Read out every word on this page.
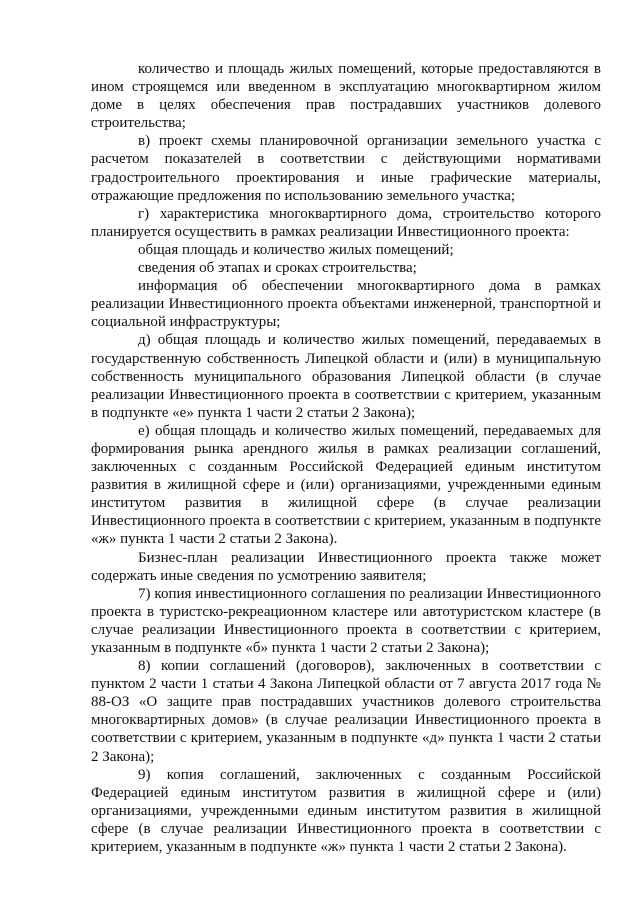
количество и площадь жилых помещений, которые предоставляются в ином строящемся или введенном в эксплуатацию многоквартирном жилом доме в целях обеспечения прав пострадавших участников долевого строительства;

в) проект схемы планировочной организации земельного участка с расчетом показателей в соответствии с действующими нормативами градостроительного проектирования и иные графические материалы, отражающие предложения по использованию земельного участка;

г) характеристика многоквартирного дома, строительство которого планируется осуществить в рамках реализации Инвестиционного проекта:

общая площадь и количество жилых помещений;

сведения об этапах и сроках строительства;

информация об обеспечении многоквартирного дома в рамках реализации Инвестиционного проекта объектами инженерной, транспортной и социальной инфраструктуры;

д) общая площадь и количество жилых помещений, передаваемых в государственную собственность Липецкой области и (или) в муниципальную собственность муниципального образования Липецкой области (в случае реализации Инвестиционного проекта в соответствии с критерием, указанным в подпункте «е» пункта 1 части 2 статьи 2 Закона);

е) общая площадь и количество жилых помещений, передаваемых для формирования рынка арендного жилья в рамках реализации соглашений, заключенных с созданным Российской Федерацией единым институтом развития в жилищной сфере и (или) организациями, учрежденными единым институтом развития в жилищной сфере (в случае реализации Инвестиционного проекта в соответствии с критерием, указанным в подпункте «ж» пункта 1 части 2 статьи 2 Закона).

Бизнес-план реализации Инвестиционного проекта также может содержать иные сведения по усмотрению заявителя;

7) копия инвестиционного соглашения по реализации Инвестиционного проекта в туристско-рекреационном кластере или автотуристском кластере (в случае реализации Инвестиционного проекта в соответствии с критерием, указанным в подпункте «б» пункта 1 части 2 статьи 2 Закона);

8) копии соглашений (договоров), заключенных в соответствии с пунктом 2 части 1 статьи 4 Закона Липецкой области от 7 августа 2017 года № 88-ОЗ «О защите прав пострадавших участников долевого строительства многоквартирных домов» (в случае реализации Инвестиционного проекта в соответствии с критерием, указанным в подпункте «д» пункта 1 части 2 статьи 2 Закона);

9) копия соглашений, заключенных с созданным Российской Федерацией единым институтом развития в жилищной сфере и (или) организациями, учрежденными единым институтом развития в жилищной сфере (в случае реализации Инвестиционного проекта в соответствии с критерием, указанным в подпункте «ж» пункта 1 части 2 статьи 2 Закона).
